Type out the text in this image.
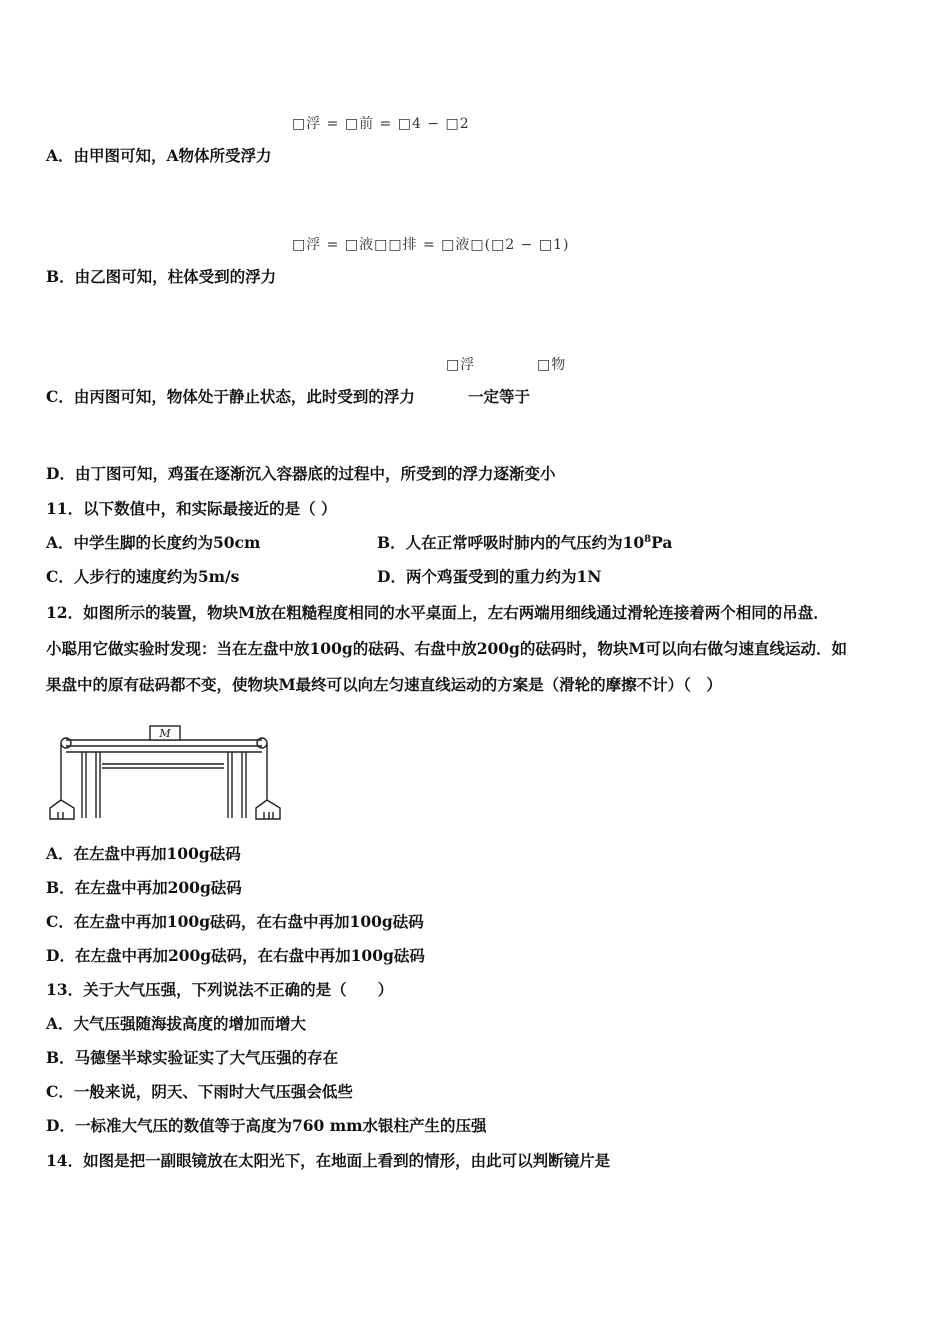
□浮 = □前 = □4 − □2
A．由甲图可知，A物体所受浮力
□浮 = □液□□排 = □液□(□2 − □1)
B．由乙图可知，柱体受到的浮力
□浮	□物
C．由丙图可知，物体处于静止状态，此时受到的浮力	一定等于
D．由丁图可知，鸡蛋在逐渐沉入容器底的过程中，所受到的浮力逐渐变小
11．以下数值中，和实际最接近的是（ ）
A．中学生脚的长度约为50cm	B．人在正常呼吸时肺内的气压约为$10^8Pa$
C．人步行的速度约为5m/s	D．两个鸡蛋受到的重力约为1N
12．如图所示的装置，物块M放在粗糙程度相同的水平桌面上，左右两端用细线通过滑轮连接着两个相同的吊盘．
小聪用它做实验时发现：当在左盘中放100g的砝码、右盘中放200g的砝码时，物块M可以向右做匀速直线运动．如
果盘中的原有砝码都不变，使物块M最终可以向左匀速直线运动的方案是（滑轮的摩擦不计）（　）
M
A．在左盘中再加100g砝码
B．在左盘中再加200g砝码
C．在左盘中再加100g砝码，在右盘中再加100g砝码
D．在左盘中再加200g砝码，在右盘中再加100g砝码
13．关于大气压强，下列说法不正确的是（　　）
A．大气压强随海拔高度的增加而增大
B．马德堡半球实验证实了大气压强的存在
C．一般来说，阴天、下雨时大气压强会低些
D．一标准大气压的数值等于高度为760 mm水银柱产生的压强
14．如图是把一副眼镜放在太阳光下，在地面上看到的情形，由此可以判断镜片是
